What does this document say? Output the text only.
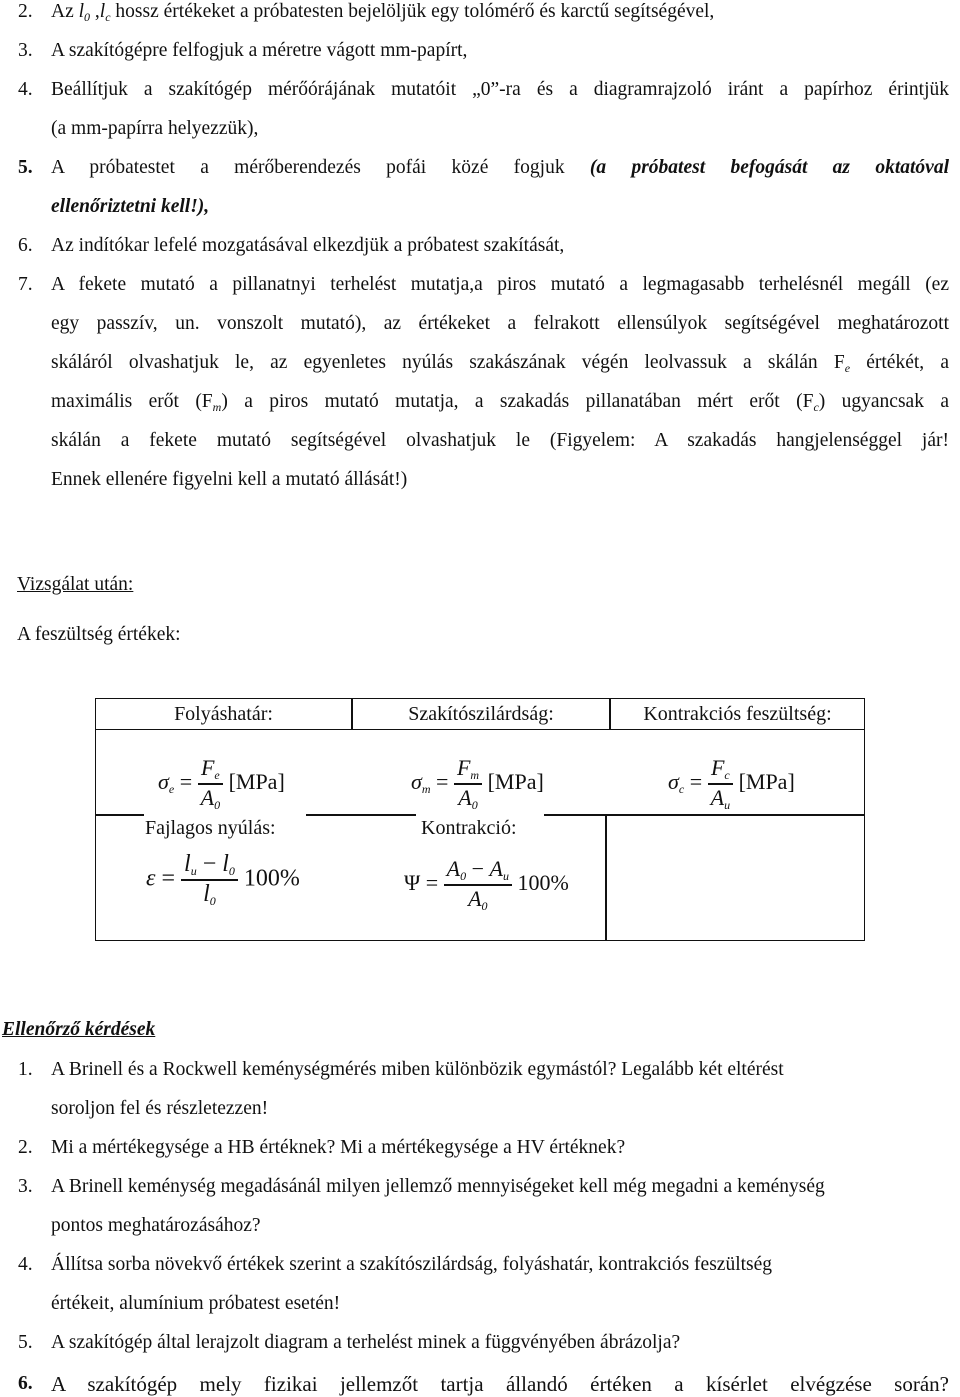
2. Az $l_0$ $,l_c$ hossz értékeket a próbatesten bejelöljük egy tolómérő és karctű segítségével,
3. A szakítógépre felfogjuk a méretre vágott mm-papírt,
4. Beállítjuk a szakítógép mérőórájának mutatóit „0”-ra és a diagramrajzoló iránt a papírhoz érintjük
(a mm-papírra helyezzük),
5. A próbatestet a mérőberendezés pofái közé fogjuk (a próbatest befogását az oktatóval
ellenőriztetni kell!),
6. Az indítókar lefelé mozgatásával elkezdjük a próbatest szakítását,
7. A fekete mutató a pillanatnyi terhelést mutatja,a piros mutató a legmagasabb terhelésnél megáll (ez
egy passzív, un. vonszolt mutató), az értékeket a felrakott ellensúlyok segítségével meghatározott
skáláról olvashatjuk le, az egyenletes nyúlás szakászának végén leolvassuk a skálán $F_e$ értékét, a
maximális erőt $(F_m)$ a piros mutató mutatja, a szakadás pillanatában mért erőt $(F_c)$ ugyancsak a
skálán a fekete mutató segítségével olvashatjuk le (Figyelem: A szakadás hangjelenséggel jár!
Ennek ellenére figyelni kell a mutató állását!)
Vizsgálat után:
A feszültség értékek:
Folyáshatár:	Szakítószilárdság:	Kontrakciós feszültség:
$\sigma_e = \frac{F_e}{A_0} [MPa]$	$\sigma_m = \frac{F_m}{A_0} [MPa]$	$\sigma_c = \frac{F_c}{A_u} [MPa]$
Fajlagos nyúlás:	Kontrakció:
$\varepsilon = \frac{l_u - l_0}{l_0} 100\%$	$\Psi = \frac{A_0 - A_u}{A_0} 100\%$
Ellenőrző kérdések
1. A Brinell és a Rockwell keménységmérés miben különbözik egymástól? Legalább két eltérést
soroljon fel és részletezzen!
2. Mi a mértékegysége a HB értéknek? Mi a mértékegysége a HV értéknek?
3. A Brinell keménység megadásánál milyen jellemző mennyiségeket kell még megadni a keménység
pontos meghatározásához?
4. Állítsa sorba növekvő értékek szerint a szakítószilárdság, folyáshatár, kontrakciós feszültség
értékeit, alumínium próbatest esetén!
5. A szakítógép által lerajzolt diagram a terhelést minek a függvényében ábrázolja?
6. A szakítógép mely fizikai jellemzőt tartja állandó értéken a kísérlet elvégzése során?
